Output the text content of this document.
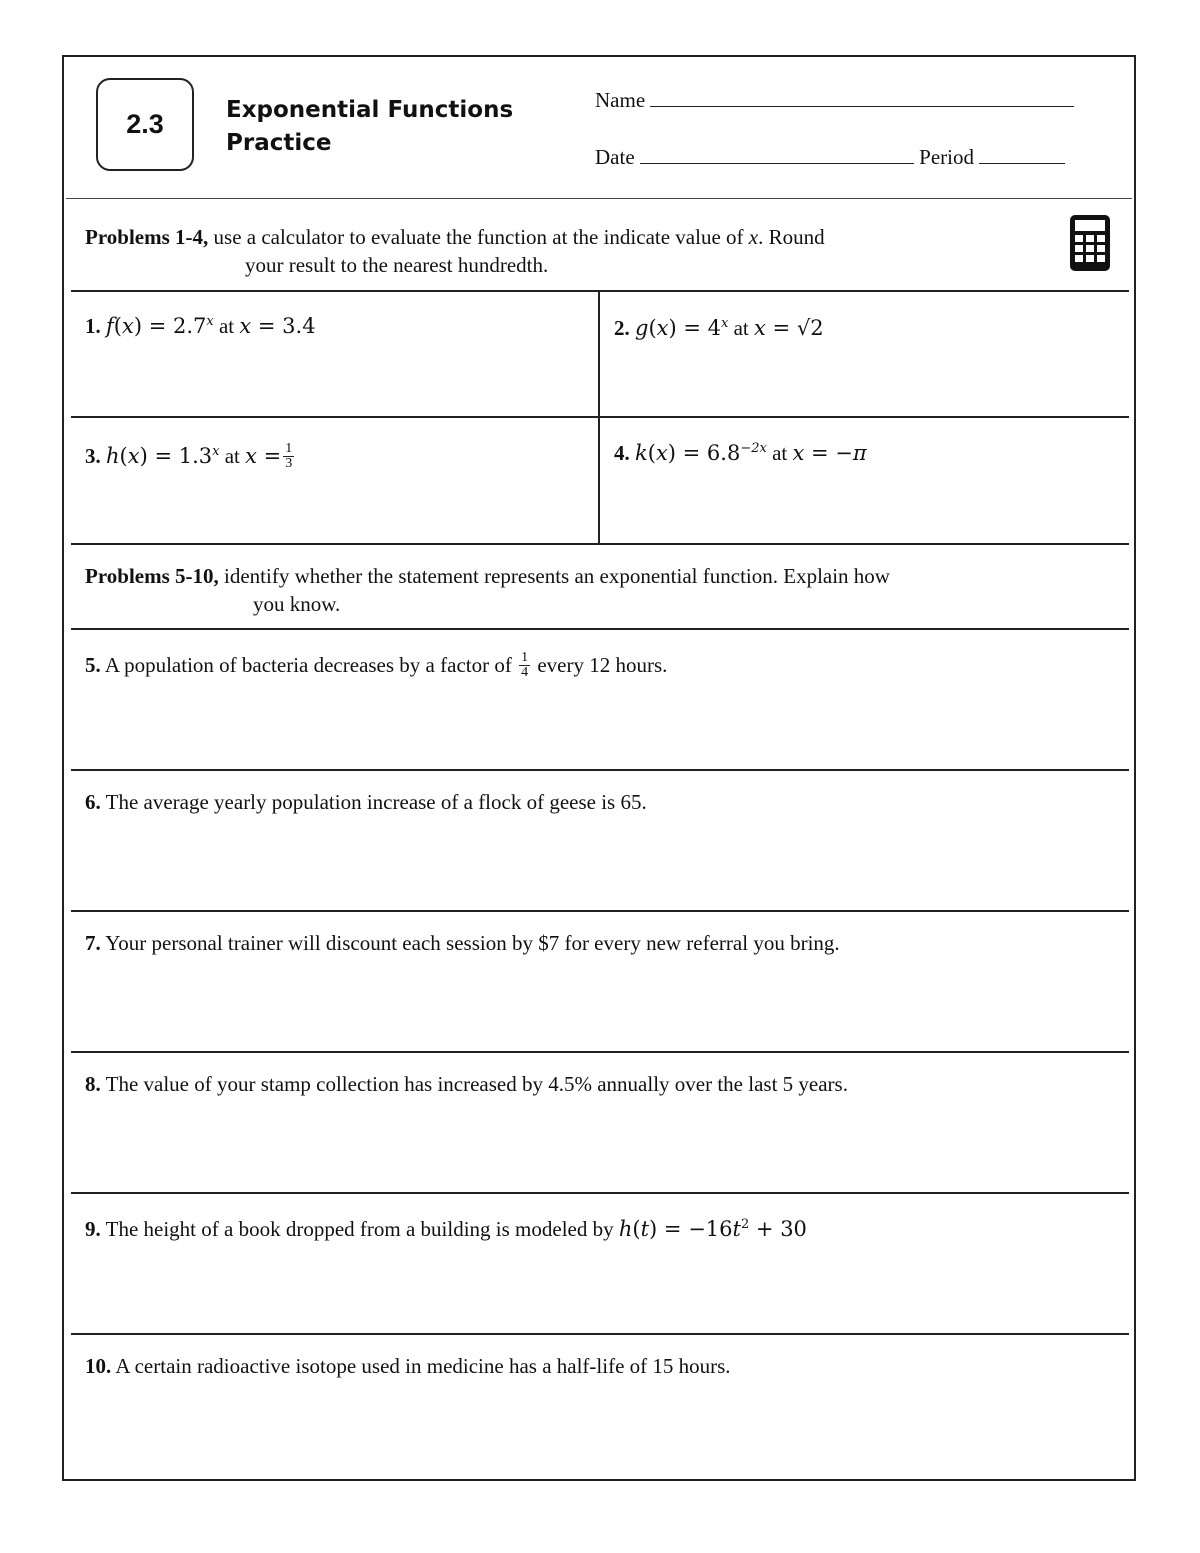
2.3	Exponential Functions
Practice
Name
Date	Period
Problems 1-4, use a calculator to evaluate the function at the indicate value of x. Round
your result to the nearest hundredth.
1. $f(x) = 2.7^x$ at x = 3.4	2. $g(x) = 4^x$ at x = √2
3. $h(x) = 1.3^x$ at $x = \frac{1}{3}$	4. $k(x) = 6.8^{-2x}$ at x = −π
Problems 5-10, identify whether the statement represents an exponential function. Explain how
you know.
5. A population of bacteria decreases by a factor of $\frac{1}{4}$ every 12 hours.
6. The average yearly population increase of a flock of geese is 65.
7. Your personal trainer will discount each session by $7 for every new referral you bring.
8. The value of your stamp collection has increased by 4.5% annually over the last 5 years.
9. The height of a book dropped from a building is modeled by $h(t) = -16t^2 + 30$
10. A certain radioactive isotope used in medicine has a half-life of 15 hours.
